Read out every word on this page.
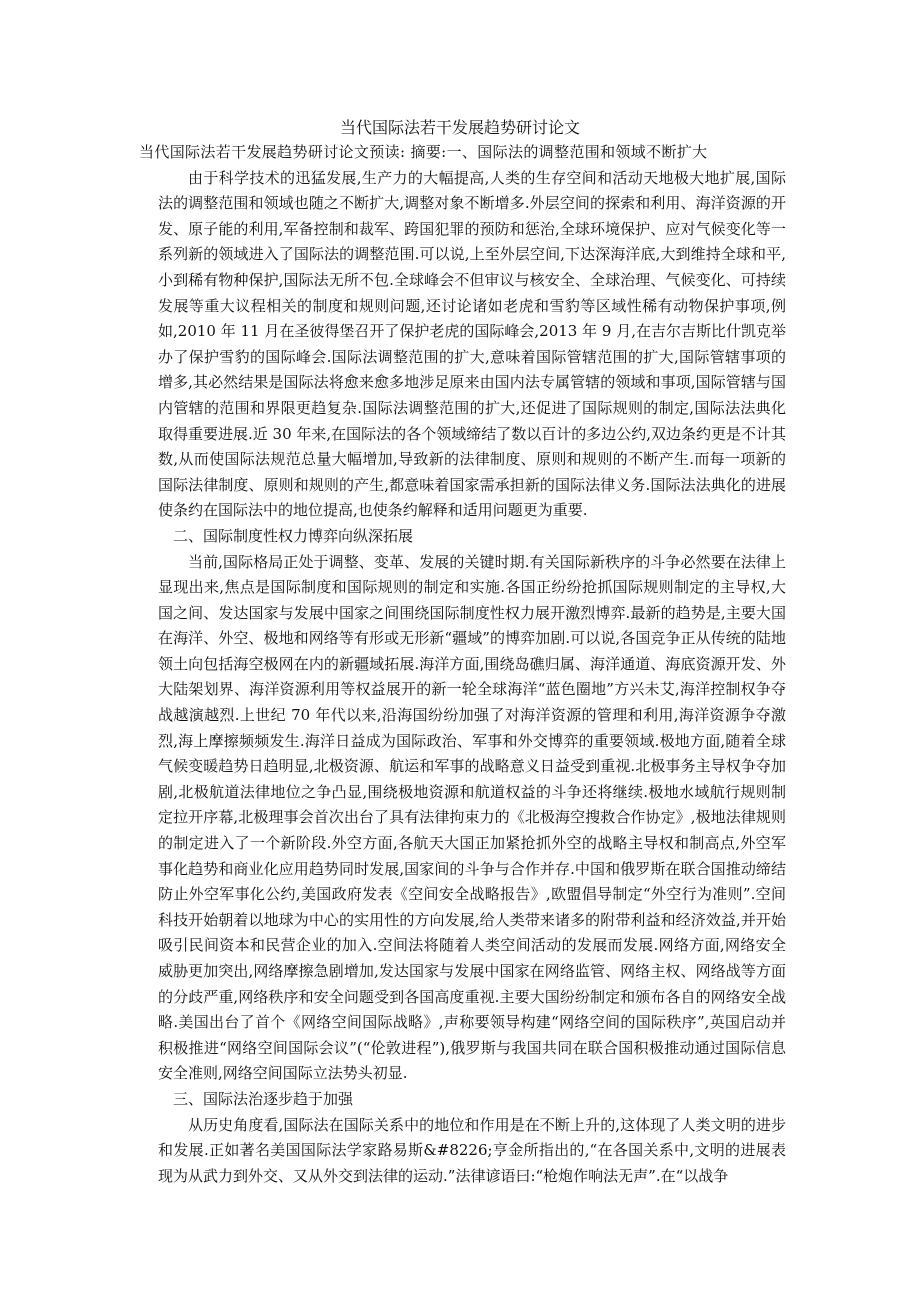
当代国际法若干发展趋势研讨论文

当代国际法若干发展趋势研讨论文预读: 摘要:一、国际法的调整范围和领域不断扩大

由于科学技术的迅猛发展,生产力的大幅提高,人类的生存空间和活动天地极大地扩展,国际法的调整范围和领域也随之不断扩大,调整对象不断增多.外层空间的探索和利用、海洋资源的开发、原子能的利用,军备控制和裁军、跨国犯罪的预防和惩治,全球环境保护、应对气候变化等一系列新的领域进入了国际法的调整范围.可以说,上至外层空间,下达深海洋底,大到维持全球和平,小到稀有物种保护,国际法无所不包.全球峰会不但审议与核安全、全球治理、气候变化、可持续发展等重大议程相关的制度和规则问题,还讨论诸如老虎和雪豹等区域性稀有动物保护事项,例如,2010 年 11 月在圣彼得堡召开了保护老虎的国际峰会,2013 年 9 月,在吉尔吉斯比什凯克举办了保护雪豹的国际峰会.国际法调整范围的扩大,意味着国际管辖范围的扩大,国际管辖事项的增多,其必然结果是国际法将愈来愈多地涉足原来由国内法专属管辖的领域和事项,国际管辖与国内管辖的范围和界限更趋复杂.国际法调整范围的扩大,还促进了国际规则的制定,国际法法典化取得重要进展.近 30 年来,在国际法的各个领域缔结了数以百计的多边公约,双边条约更是不计其数,从而使国际法规范总量大幅增加,导致新的法律制度、原则和规则的不断产生.而每一项新的国际法律制度、原则和规则的产生,都意味着国家需承担新的国际法律义务.国际法法典化的进展使条约在国际法中的地位提高,也使条约解释和适用问题更为重要.

二、国际制度性权力博弈向纵深拓展

当前,国际格局正处于调整、变革、发展的关键时期.有关国际新秩序的斗争必然要在法律上显现出来,焦点是国际制度和国际规则的制定和实施.各国正纷纷抢抓国际规则制定的主导权,大国之间、发达国家与发展中国家之间围绕国际制度性权力展开激烈博弈.最新的趋势是,主要大国在海洋、外空、极地和网络等有形或无形新“疆域”的博弈加剧.可以说,各国竞争正从传统的陆地领土向包括海空极网在内的新疆域拓展.海洋方面,围绕岛礁归属、海洋通道、海底资源开发、外大陆架划界、海洋资源利用等权益展开的新一轮全球海洋“蓝色圈地”方兴未艾,海洋控制权争夺战越演越烈.上世纪 70 年代以来,沿海国纷纷加强了对海洋资源的管理和利用,海洋资源争夺激烈,海上摩擦频频发生.海洋日益成为国际政治、军事和外交博弈的重要领域.极地方面,随着全球气候变暖趋势日趋明显,北极资源、航运和军事的战略意义日益受到重视.北极事务主导权争夺加剧,北极航道法律地位之争凸显,围绕极地资源和航道权益的斗争还将继续.极地水域航行规则制定拉开序幕,北极理事会首次出台了具有法律拘束力的《北极海空搜救合作协定》,极地法律规则的制定进入了一个新阶段.外空方面,各航天大国正加紧抢抓外空的战略主导权和制高点,外空军事化趋势和商业化应用趋势同时发展,国家间的斗争与合作并存.中国和俄罗斯在联合国推动缔结防止外空军事化公约,美国政府发表《空间安全战略报告》,欧盟倡导制定“外空行为准则”.空间科技开始朝着以地球为中心的实用性的方向发展,给人类带来诸多的附带利益和经济效益,并开始吸引民间资本和民营企业的加入.空间法将随着人类空间活动的发展而发展.网络方面,网络安全威胁更加突出,网络摩擦急剧增加,发达国家与发展中国家在网络监管、网络主权、网络战等方面的分歧严重,网络秩序和安全问题受到各国高度重视.主要大国纷纷制定和颁布各自的网络安全战略.美国出台了首个《网络空间国际战略》,声称要领导构建“网络空间的国际秩序”,英国启动并积极推进“网络空间国际会议”(“伦敦进程”),俄罗斯与我国共同在联合国积极推动通过国际信息安全准则,网络空间国际立法势头初显.

三、国际法治逐步趋于加强

从历史角度看,国际法在国际关系中的地位和作用是在不断上升的,这体现了人类文明的进步和发展.正如著名美国国际法学家路易斯&#8226;亨金所指出的,“在各国关系中,文明的进展表现为从武力到外交、又从外交到法律的运动.”法律谚语曰:“枪炮作响法无声”.在“以战争
